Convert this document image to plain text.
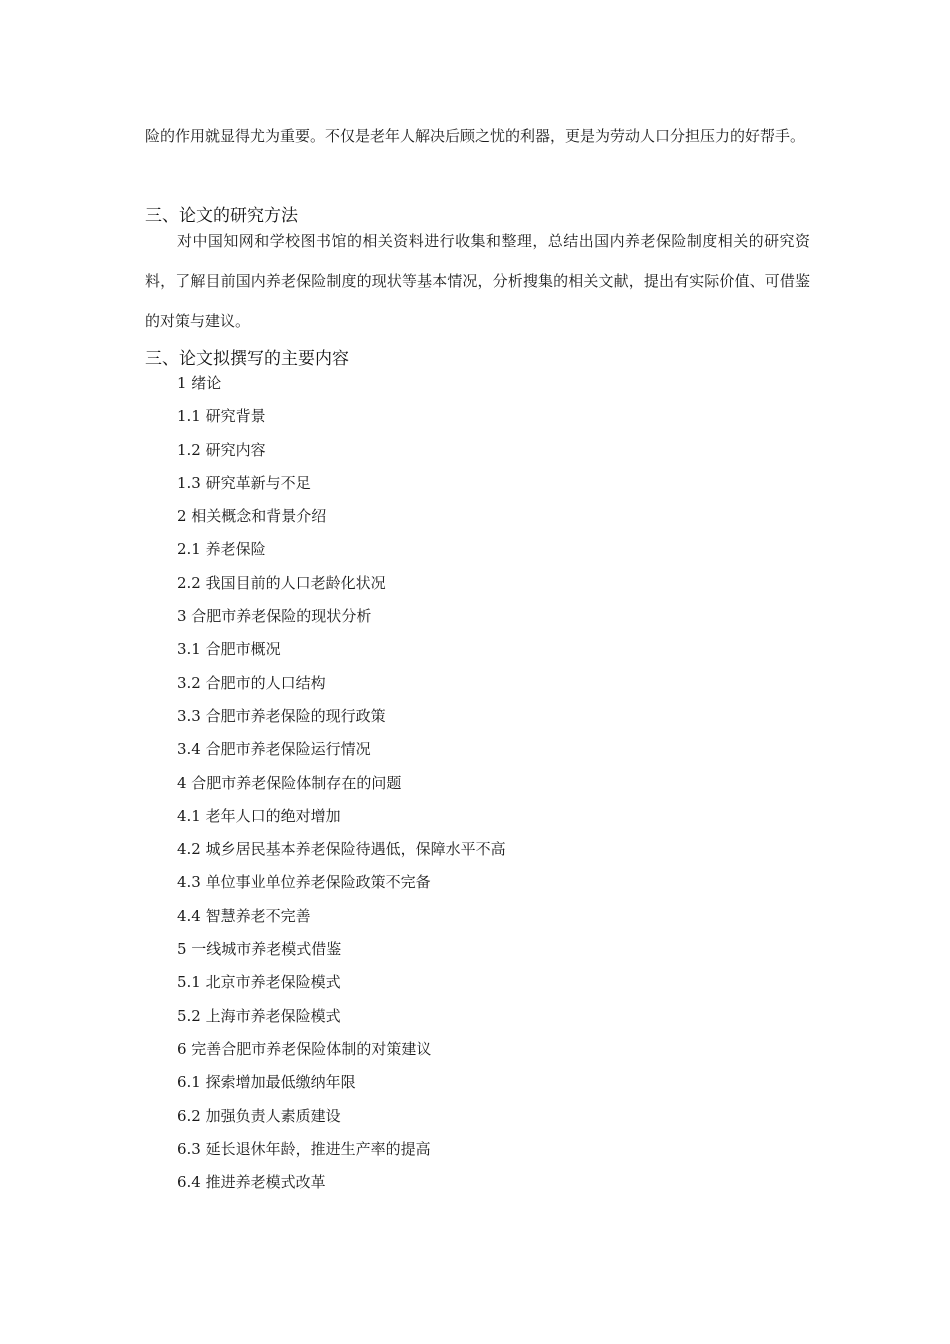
险的作用就显得尤为重要。不仅是老年人解决后顾之忧的利器，更是为劳动人口分担压力的好帮手。

三、论文的研究方法

对中国知网和学校图书馆的相关资料进行收集和整理，总结出国内养老保险制度相关的研究资料，了解目前国内养老保险制度的现状等基本情况，分析搜集的相关文献，提出有实际价值、可借鉴的对策与建议。

三、论文拟撰写的主要内容
1 绪论
1.1 研究背景
1.2 研究内容
1.3 研究革新与不足
2 相关概念和背景介绍
2.1 养老保险
2.2 我国目前的人口老龄化状况
3 合肥市养老保险的现状分析
3.1 合肥市概况
3.2 合肥市的人口结构
3.3 合肥市养老保险的现行政策
3.4 合肥市养老保险运行情况
4 合肥市养老保险体制存在的问题
4.1 老年人口的绝对增加
4.2 城乡居民基本养老保险待遇低，保障水平不高
4.3 单位事业单位养老保险政策不完备
4.4 智慧养老不完善
5 一线城市养老模式借鉴
5.1 北京市养老保险模式
5.2 上海市养老保险模式
6 完善合肥市养老保险体制的对策建议
6.1 探索增加最低缴纳年限
6.2 加强负责人素质建设
6.3 延长退休年龄，推进生产率的提高
6.4 推进养老模式改革
